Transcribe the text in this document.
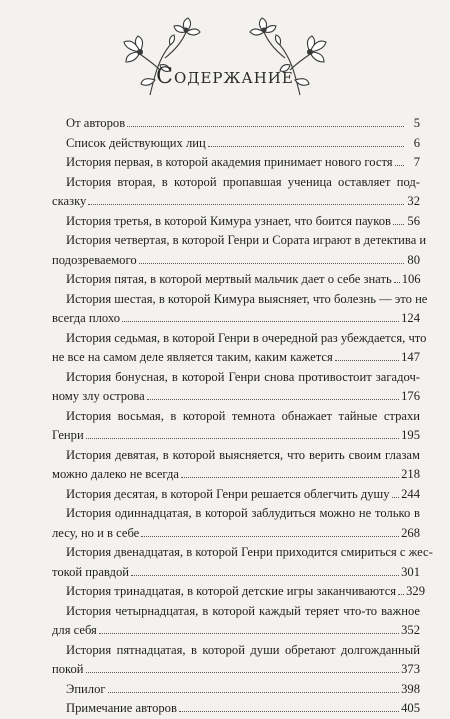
Содержание
От авторов	5
Список действующих лиц	6
История первая, в которой академия принимает нового гостя	7
История вторая, в которой пропавшая ученица оставляет под-
сказку	32
История третья, в которой Кимура узнает, что боится пауков 56
История четвертая, в которой Генри и Сората играют в детектива и
подозреваемого	80
История пятая, в которой мертвый мальчик дает о себе знать 106
История шестая, в которой Кимура выясняет, что болезнь — это не
всегда плохо	124
История седьмая, в которой Генри в очередной раз убеждается, что
не все на самом деле является таким, каким кажется	147
История бонусная, в которой Генри снова противостоит загадоч-
ному злу острова	176
История восьмая, в которой темнота обнажает тайные страхи
Генри	195
История девятая, в которой выясняется, что верить своим глазам
можно далеко не всегда	218
История десятая, в которой Генри решается облегчить душу 244
История одиннадцатая, в которой заблудиться можно не только в
лесу, но и в себе	268
История двенадцатая, в которой Генри приходится смириться с жес-
токой правдой	301
История тринадцатая, в которой детские игры заканчиваются 329
История четырнадцатая, в которой каждый теряет что-то важное
для себя	352
История пятнадцатая, в которой души обретают долгожданный
покой	373
Эпилог	398
Примечание авторов	405
